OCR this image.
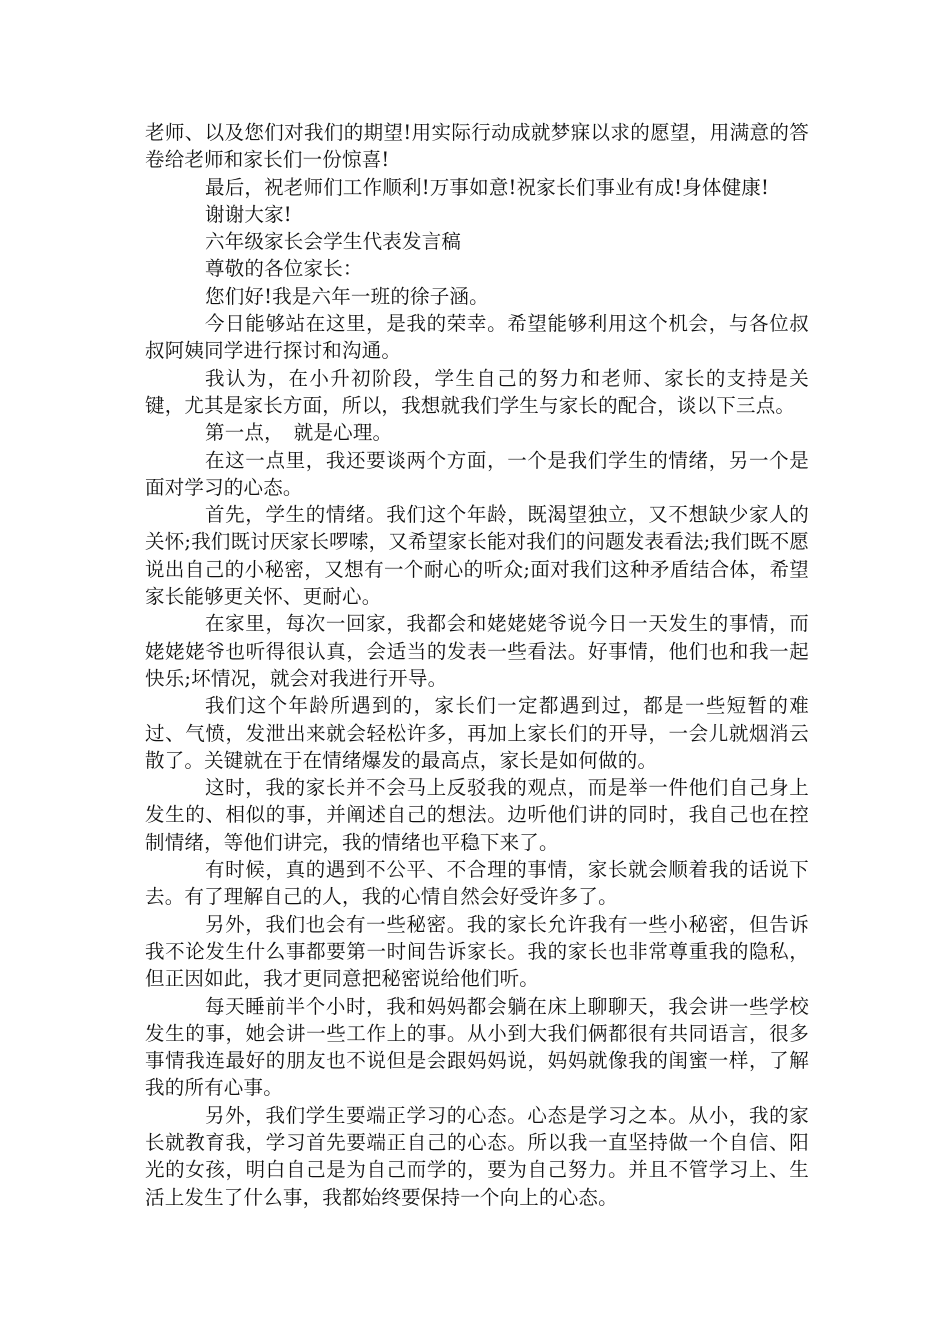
老师、以及您们对我们的期望!用实际行动成就梦寐以求的愿望，用满意的答卷给老师和家长们一份惊喜!

最后，祝老师们工作顺利!万事如意!祝家长们事业有成!身体健康!

谢谢大家!

六年级家长会学生代表发言稿

尊敬的各位家长：

您们好!我是六年一班的徐子涵。

今日能够站在这里，是我的荣幸。希望能够利用这个机会，与各位叔叔阿姨同学进行探讨和沟通。

我认为，在小升初阶段，学生自己的努力和老师、家长的支持是关键，尤其是家长方面，所以，我想就我们学生与家长的配合，谈以下三点。

第一点，　就是心理。

在这一点里，我还要谈两个方面，一个是我们学生的情绪，另一个是面对学习的心态。

首先，学生的情绪。我们这个年龄，既渴望独立，又不想缺少家人的关怀;我们既讨厌家长啰嗦，又希望家长能对我们的问题发表看法;我们既不愿说出自己的小秘密，又想有一个耐心的听众;面对我们这种矛盾结合体，希望家长能够更关怀、更耐心。

在家里，每次一回家，我都会和姥姥姥爷说今日一天发生的事情，而姥姥姥爷也听得很认真，会适当的发表一些看法。好事情，他们也和我一起快乐;坏情况，就会对我进行开导。

我们这个年龄所遇到的，家长们一定都遇到过，都是一些短暂的难过、气愤，发泄出来就会轻松许多，再加上家长们的开导，一会儿就烟消云散了。关键就在于在情绪爆发的最高点，家长是如何做的。

这时，我的家长并不会马上反驳我的观点，而是举一件他们自己身上发生的、相似的事，并阐述自己的想法。边听他们讲的同时，我自己也在控制情绪，等他们讲完，我的情绪也平稳下来了。

有时候，真的遇到不公平、不合理的事情，家长就会顺着我的话说下去。有了理解自己的人，我的心情自然会好受许多了。

另外，我们也会有一些秘密。我的家长允许我有一些小秘密，但告诉我不论发生什么事都要第一时间告诉家长。我的家长也非常尊重我的隐私，但正因如此，我才更同意把秘密说给他们听。

每天睡前半个小时，我和妈妈都会躺在床上聊聊天，我会讲一些学校发生的事，她会讲一些工作上的事。从小到大我们俩都很有共同语言，很多事情我连最好的朋友也不说但是会跟妈妈说，妈妈就像我的闺蜜一样，了解我的所有心事。

另外，我们学生要端正学习的心态。心态是学习之本。从小，我的家长就教育我，学习首先要端正自己的心态。所以我一直坚持做一个自信、阳光的女孩，明白自己是为自己而学的，要为自己努力。并且不管学习上、生活上发生了什么事，我都始终要保持一个向上的心态。
